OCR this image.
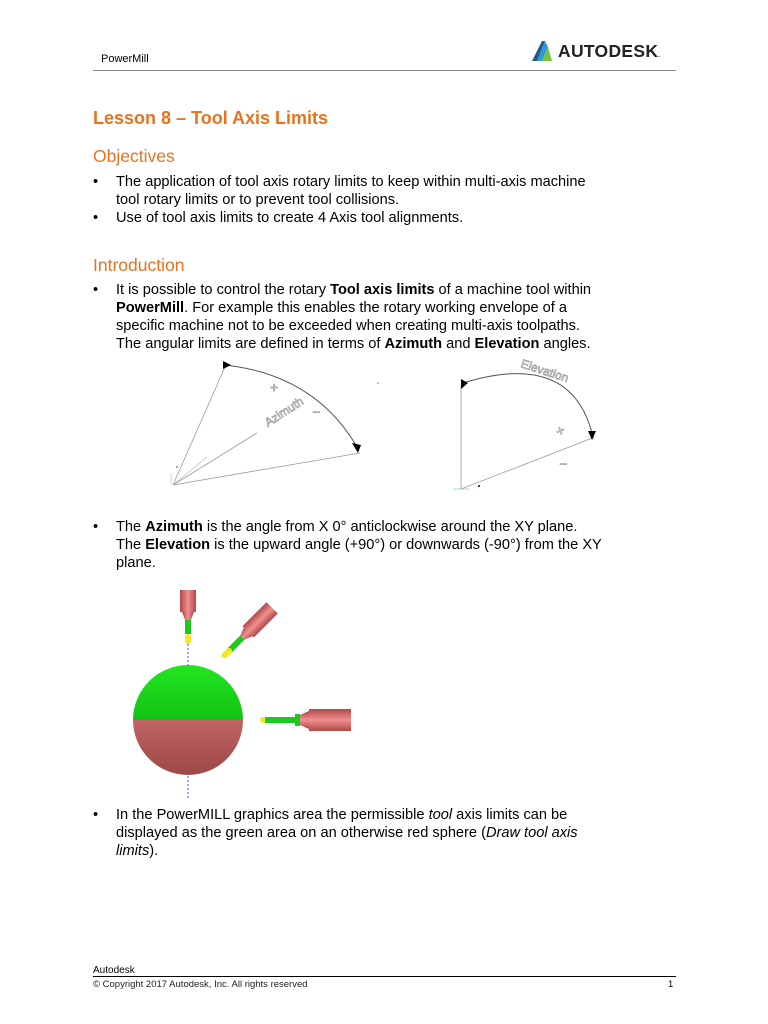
PowerMill	AUTODESK.
Lesson 8 – Tool Axis Limits
Objectives
• The application of tool axis rotary limits to keep within multi-axis machine
tool rotary limits or to prevent tool collisions.
• Use of tool axis limits to create 4 Axis tool alignments.
Introduction
• It is possible to control the rotary Tool axis limits of a machine tool within
PowerMill. For example this enables the rotary working envelope of a
specific machine not to be exceeded when creating multi-axis toolpaths.
The angular limits are defined in terms of Azimuth and Elevation angles.
Azimuth
+
–
Elevation
+
–
• The Azimuth is the angle from X 0° anticlockwise around the XY plane.
The Elevation is the upward angle (+90°) or downwards (-90°) from the XY
plane.
• In the PowerMILL graphics area the permissible tool axis limits can be
displayed as the green area on an otherwise red sphere (Draw tool axis
limits).
Autodesk
© Copyright 2017 Autodesk, Inc. All rights reserved	1
